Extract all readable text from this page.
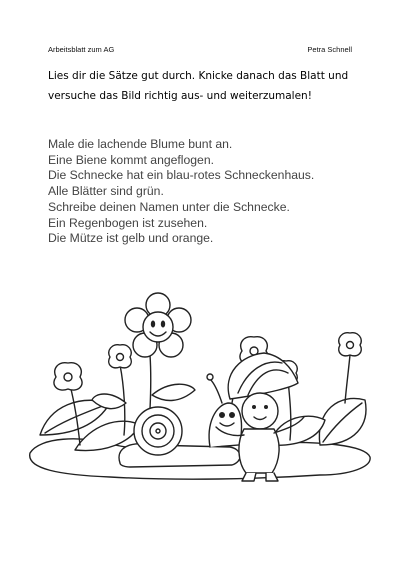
Arbeitsblatt zum AG	Petra Schnell
Lies dir die Sätze gut durch. Knicke danach das Blatt und
versuche das Bild richtig aus- und weiterzumalen!
Male die lachende Blume bunt an.
Eine Biene kommt angeflogen.
Die Schnecke hat ein blau-rotes Schneckenhaus.
Alle Blätter sind grün.
Schreibe deinen Namen unter die Schnecke.
Ein Regenbogen ist zusehen.
Die Mütze ist gelb und orange.
